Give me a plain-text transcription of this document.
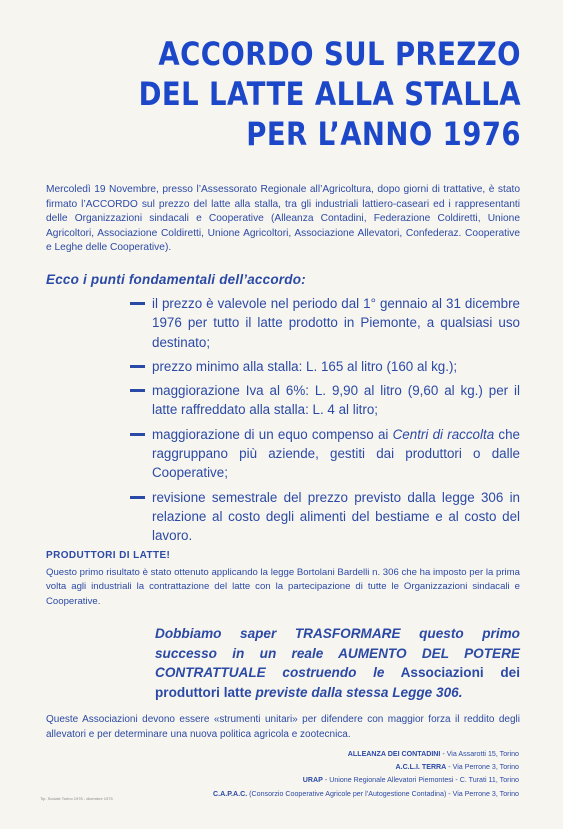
ACCORDO SUL PREZZO
DEL LATTE ALLA STALLA
PER L’ANNO 1976
Mercoledì 19 Novembre, presso l’Assessorato Regionale all’Agricoltura, dopo giorni di trattative, è stato firmato l’ACCORDO sul prezzo del latte alla stalla, tra gli industriali lattiero-caseari ed i rappresentanti delle Organizzazioni sindacali e Cooperative (Alleanza Contadini, Federazione Coldiretti, Unione Agricoltori, Associazione Coldiretti, Unione Agricoltori, Associazione Allevatori, Confederaz. Cooperative e Leghe delle Cooperative).
Ecco i punti fondamentali dell’accordo:
il prezzo è valevole nel periodo dal 1° gennaio al 31 dicembre 1976 per tutto il latte prodotto in Piemonte, a qualsiasi uso destinato;
prezzo minimo alla stalla: L. 165 al litro (160 al kg.);
maggiorazione Iva al 6%: L. 9,90 al litro (9,60 al kg.) per il latte raffreddato alla stalla: L. 4 al litro;
maggiorazione di un equo compenso ai Centri di raccolta che raggruppano più aziende, gestiti dai produttori o dalle Cooperative;
revisione semestrale del prezzo previsto dalla legge 306 in relazione al costo degli alimenti del bestiame e al costo del lavoro.
PRODUTTORI DI LATTE!
Questo primo risultato è stato ottenuto applicando la legge Bortolani Bardelli n. 306 che ha imposto per la prima volta agli industriali la contrattazione del latte con la partecipazione di tutte le Organizzazioni sindacali e Cooperative.
Dobbiamo saper TRASFORMARE questo primo successo in un reale AUMENTO DEL POTERE CONTRATTUALE costruendo le Associazioni dei produttori latte previste dalla stessa Legge 306.
Queste Associazioni devono essere «strumenti unitari» per difendere con maggior forza il reddito degli allevatori e per determinare una nuova politica agricola e zootecnica.
ALLEANZA DEI CONTADINI - Via Assarotti 15, Torino
A.C.L.I. TERRA - Via Perrone 3, Torino
URAP - Unione Regionale Allevatori Piemontesi - C. Turati 11, Torino
C.A.P.A.C. (Consorzio Cooperative Agricole per l’Autogestione Contadina) - Via Perrone 3, Torino
Tip. Sociale Torino 1976 - dicembre 1975
